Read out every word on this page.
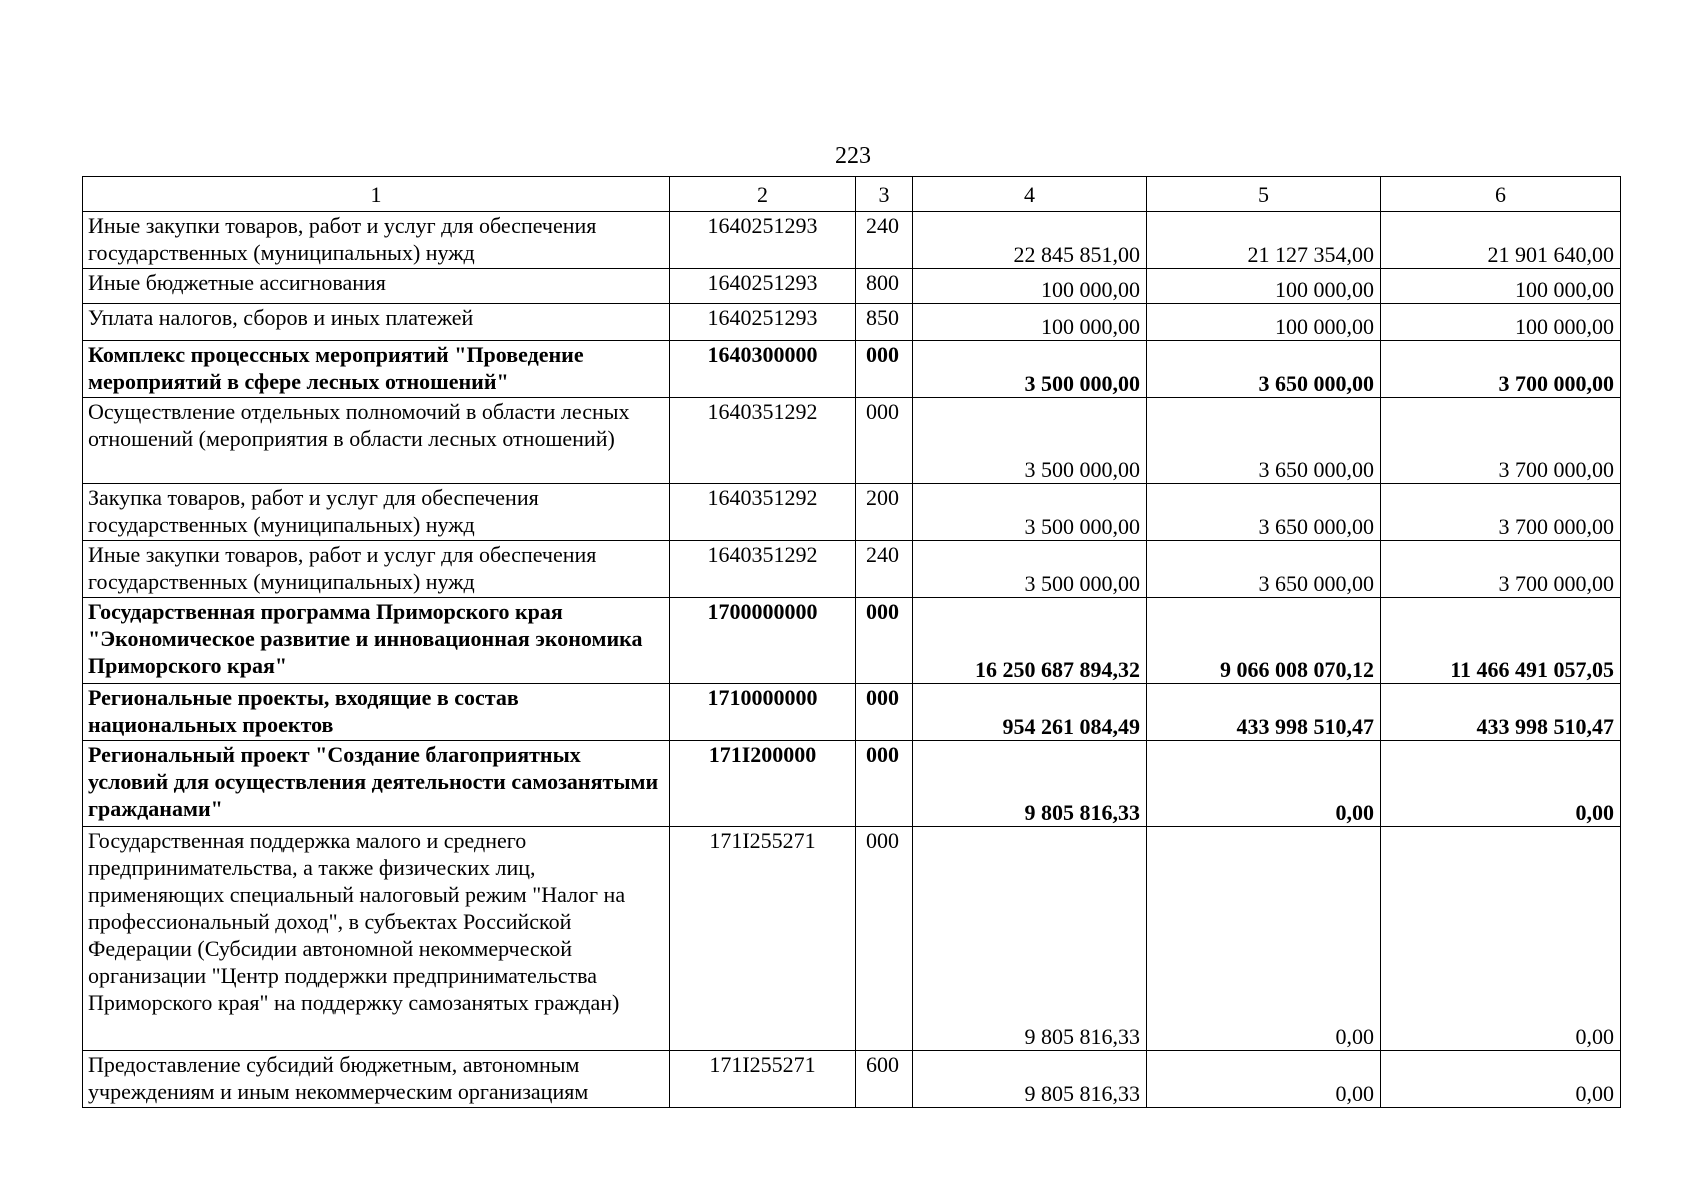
223
1	2	3	4	5	6
Иные закупки товаров, работ и услуг для обеспечения государственных (муниципальных) нужд	1640251293	240	22 845 851,00	21 127 354,00	21 901 640,00
Иные бюджетные ассигнования	1640251293	800	100 000,00	100 000,00	100 000,00
Уплата налогов, сборов и иных платежей	1640251293	850	100 000,00	100 000,00	100 000,00
Комплекс процессных мероприятий "Проведение мероприятий в сфере лесных отношений"	1640300000	000	3 500 000,00	3 650 000,00	3 700 000,00
Осуществление отдельных полномочий в области лесных отношений (мероприятия в области лесных отношений)	1640351292	000	3 500 000,00	3 650 000,00	3 700 000,00
Закупка товаров, работ и услуг для обеспечения государственных (муниципальных) нужд	1640351292	200	3 500 000,00	3 650 000,00	3 700 000,00
Иные закупки товаров, работ и услуг для обеспечения государственных (муниципальных) нужд	1640351292	240	3 500 000,00	3 650 000,00	3 700 000,00
Государственная программа Приморского края "Экономическое развитие и инновационная экономика Приморского края"	1700000000	000	16 250 687 894,32	9 066 008 070,12	11 466 491 057,05
Региональные проекты, входящие в состав национальных проектов	1710000000	000	954 261 084,49	433 998 510,47	433 998 510,47
Региональный проект "Создание благоприятных условий для осуществления деятельности самозанятыми гражданами"	171I200000	000	9 805 816,33	0,00	0,00
Государственная поддержка малого и среднего предпринимательства, а также физических лиц, применяющих специальный налоговый режим "Налог на профессиональный доход", в субъектах Российской Федерации (Субсидии автономной некоммерческой организации "Центр поддержки предпринимательства Приморского края" на поддержку самозанятых граждан)	171I255271	000	9 805 816,33	0,00	0,00
Предоставление субсидий бюджетным, автономным учреждениям и иным некоммерческим организациям	171I255271	600	9 805 816,33	0,00	0,00
